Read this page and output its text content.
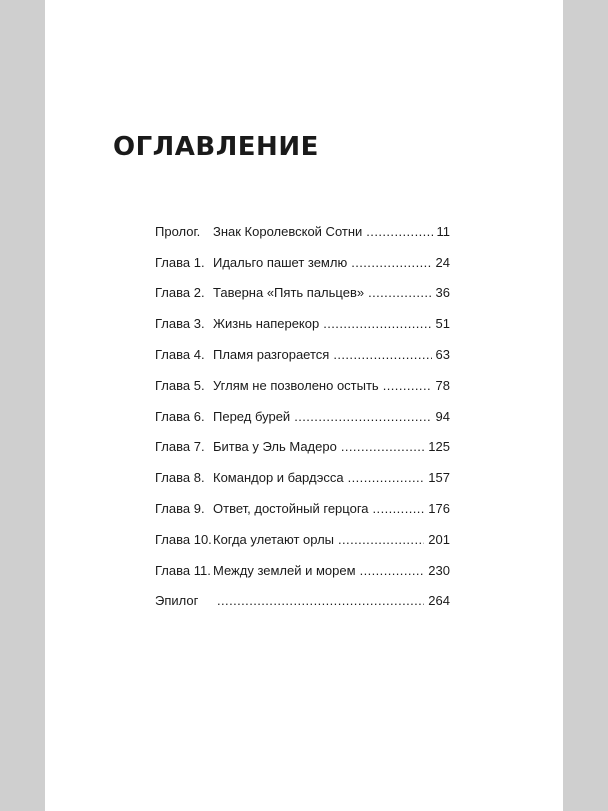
ОГЛАВЛЕНИЕ
Пролог. Знак Королевской Сотни . . .	11
Глава 1. Идальго пашет землю . . .	24
Глава 2. Таверна «Пять пальцев» . . .	36
Глава 3. Жизнь наперекор . . .	51
Глава 4. Пламя разгорается . . .	63
Глава 5. Углям не позволено остыть . . .	78
Глава 6. Перед бурей . . .	94
Глава 7. Битва у Эль Мадеро . . .	125
Глава 8. Командор и бардэсса . . .	157
Глава 9. Ответ, достойный герцога . . .	176
Глава 10. Когда улетают орлы . . .	201
Глава 11. Между землей и морем . . .	230
Эпилог . . .	264
